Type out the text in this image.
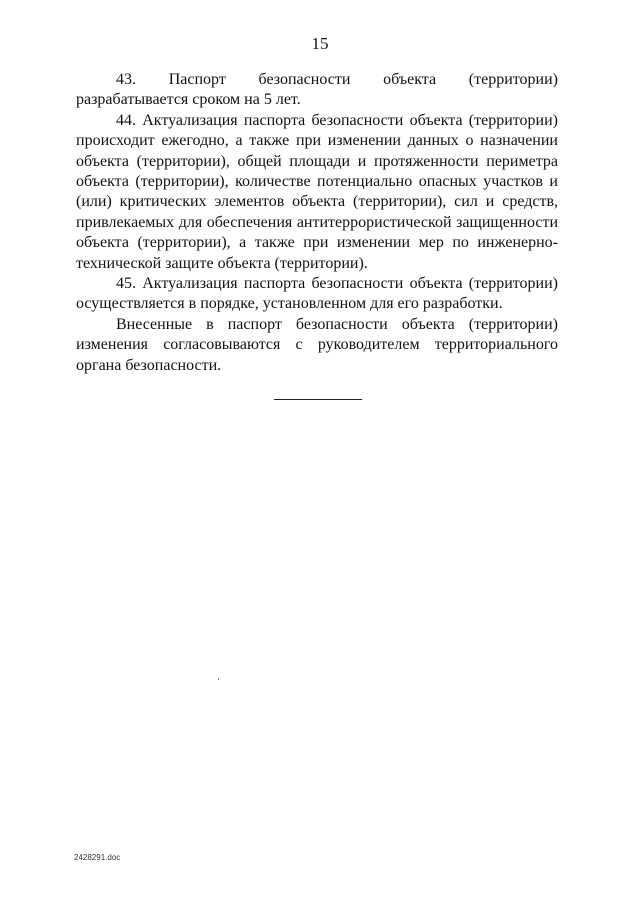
15

43. Паспорт безопасности объекта (территории) разрабатывается сроком на 5 лет.

44. Актуализация паспорта безопасности объекта (территории) происходит ежегодно, а также при изменении данных о назначении объекта (территории), общей площади и протяженности периметра объекта (территории), количестве потенциально опасных участков и (или) критических элементов объекта (территории), сил и средств, привлекаемых для обеспечения антитеррористической защищенности объекта (территории), а также при изменении мер по инженерно-технической защите объекта (территории).

45. Актуализация паспорта безопасности объекта (территории) осуществляется в порядке, установленном для его разработки.

Внесенные в паспорт безопасности объекта (территории) изменения согласовываются с руководителем территориального органа безопасности.

2428291.doc
